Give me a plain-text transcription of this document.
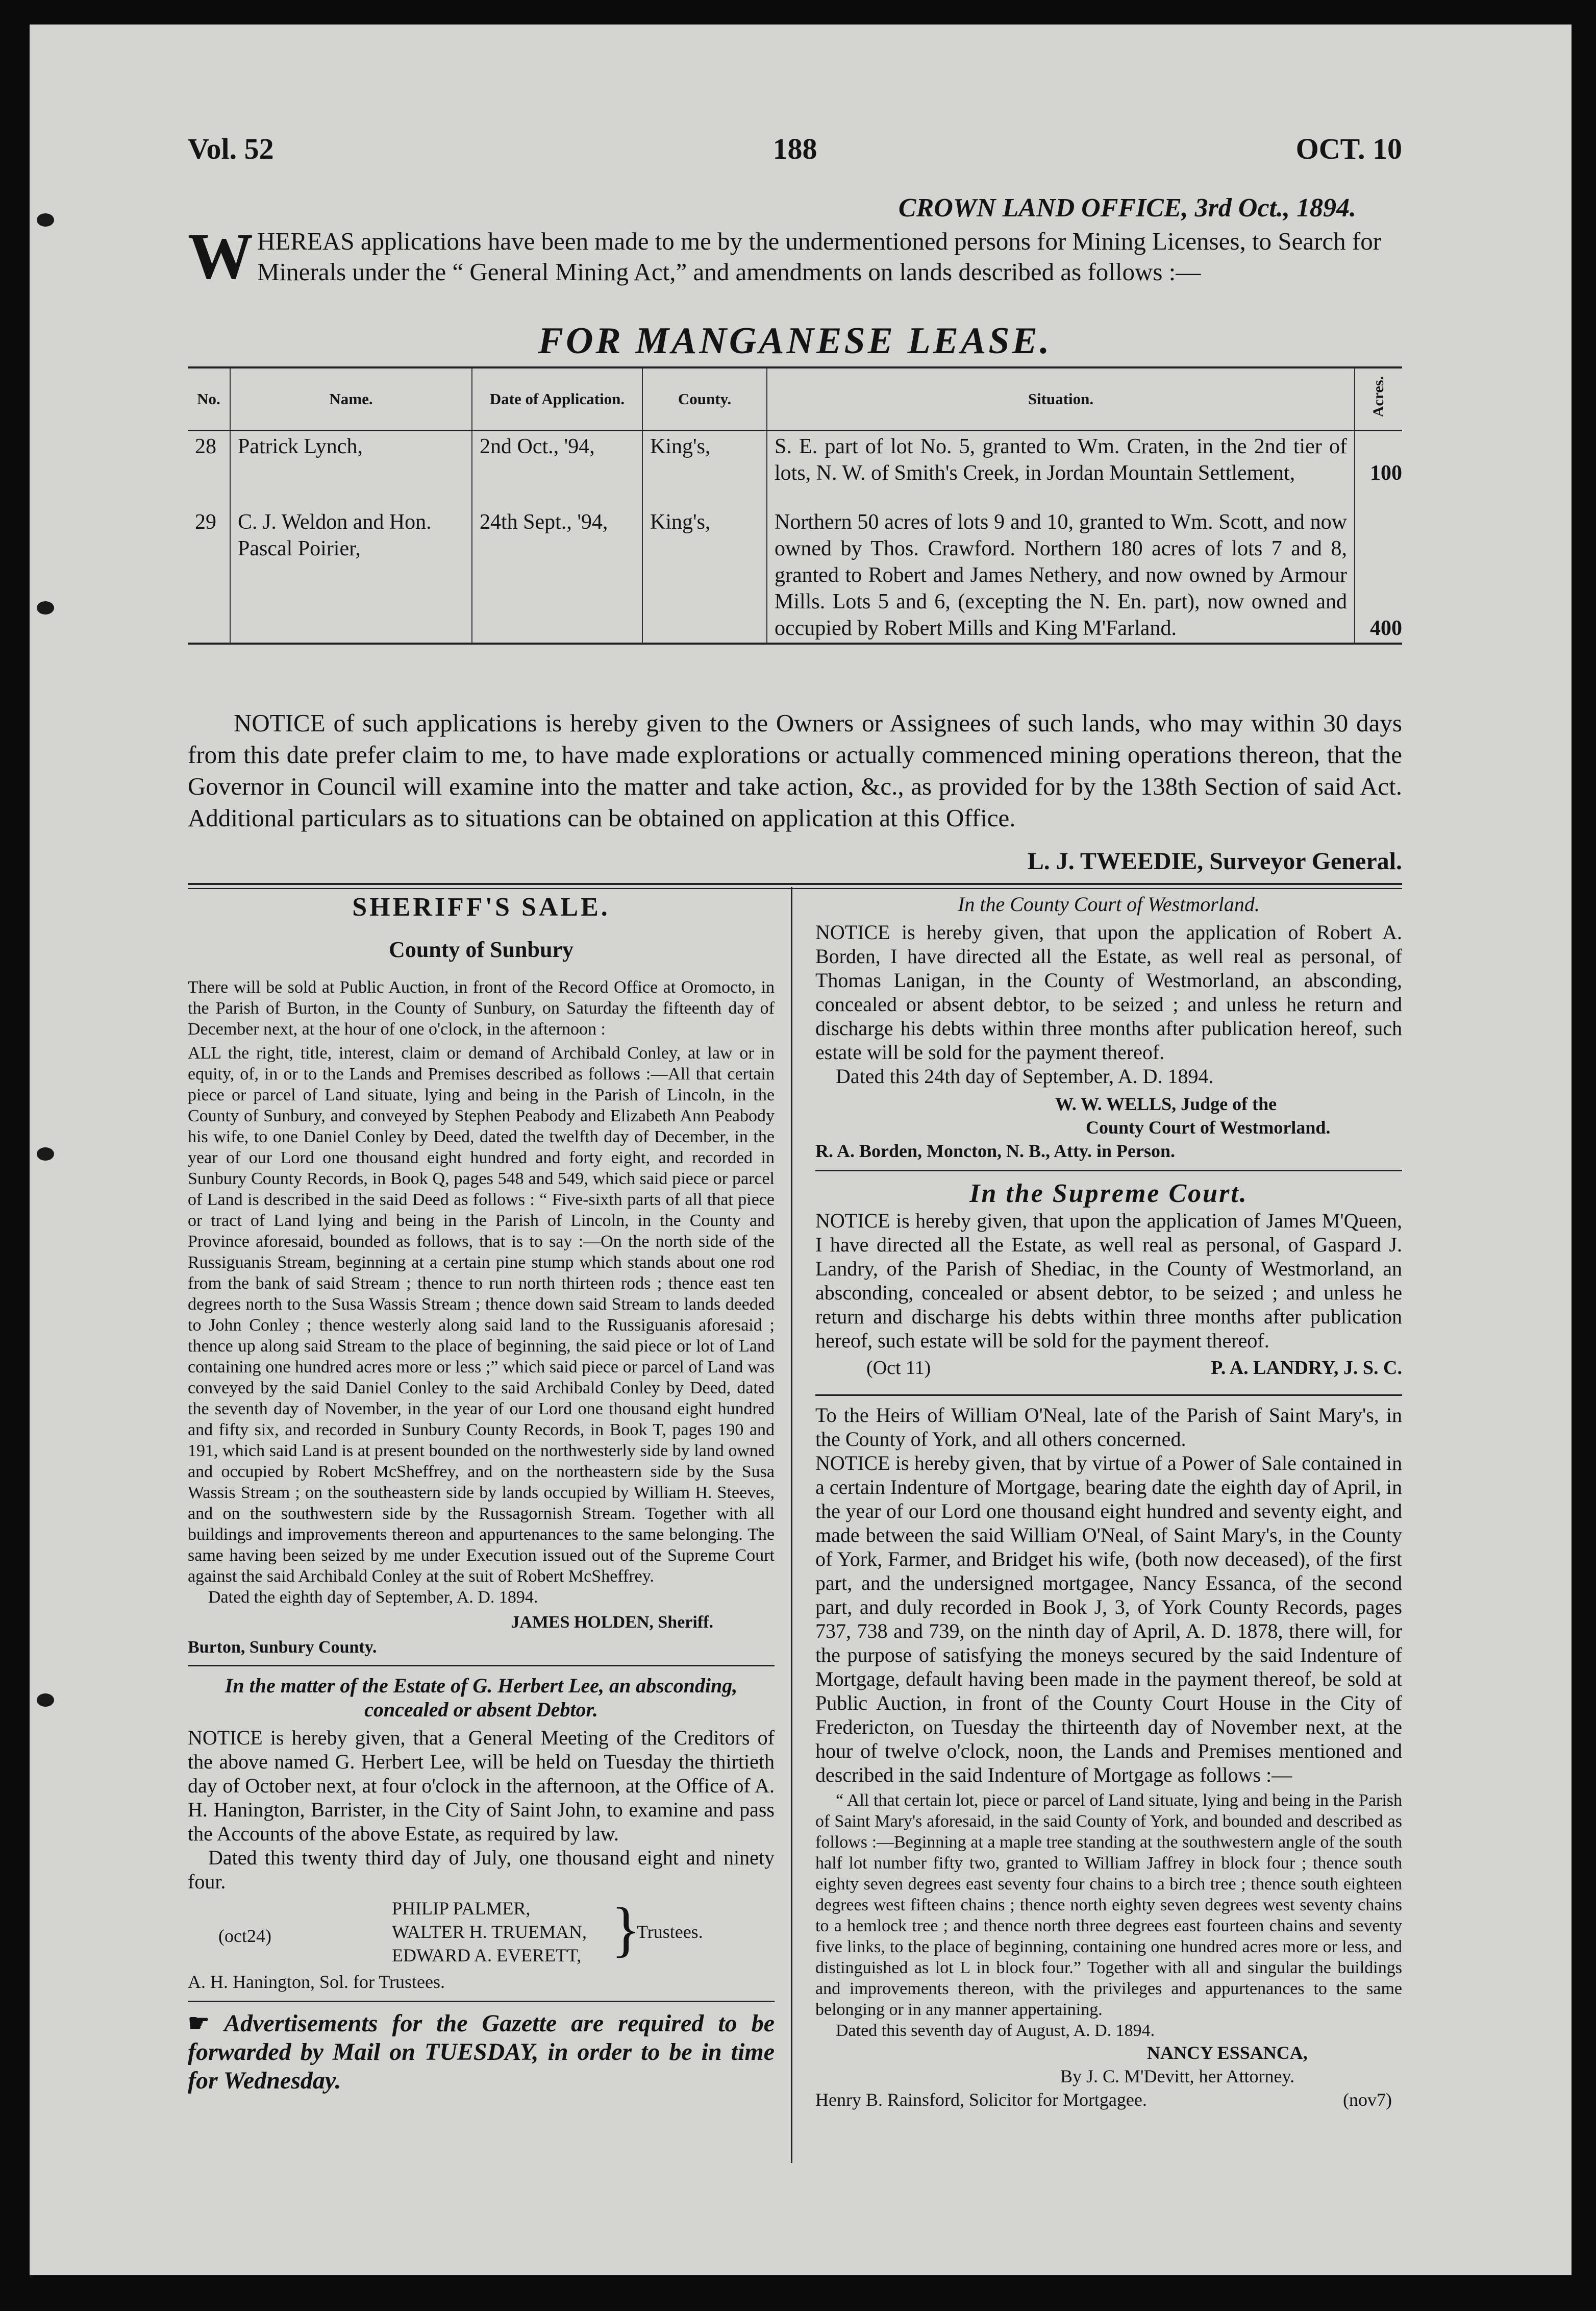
Vol. 52	188	OCT. 10
CROWN LAND OFFICE, 3rd Oct., 1894.
WHEREAS applications have been made to me by the undermentioned persons for Mining Licenses, to Search for Minerals under the “ General Mining Act,” and amendments on lands described as follows :—
FOR MANGANESE LEASE.
No.	Name.	Date of Application.	County.	Situation.	Acres.
28	Patrick Lynch,	2nd Oct., '94,	King's,	S. E. part of lot No. 5, granted to Wm. Craten, in the 2nd tier of lots, N. W. of Smith's Creek, in Jordan Mountain Settlement,	100
29	C. J. Weldon and Hon. Pascal Poirier,	24th Sept., '94,	King's,	Northern 50 acres of lots 9 and 10, granted to Wm. Scott, and now owned by Thos. Crawford. Northern 180 acres of lots 7 and 8, granted to Robert and James Nethery, and now owned by Armour Mills. Lots 5 and 6, (excepting the N. En. part), now owned and occupied by Robert Mills and King M'Farland.	400
NOTICE of such applications is hereby given to the Owners or Assignees of such lands, who may within 30 days from this date prefer claim to me, to have made explorations or actually commenced mining operations thereon, that the Governor in Council will examine into the matter and take action, &c., as provided for by the 138th Section of said Act. Additional particulars as to situations can be obtained on application at this Office.
L. J. TWEEDIE, Surveyor General.
SHERIFF'S SALE.
County of Sunbury

There will be sold at Public Auction, in front of the Record Office at Oromocto, in the Parish of Burton, in the County of Sunbury, on Saturday the fifteenth day of December next, at the hour of one o'clock, in the afternoon :

ALL the right, title, interest, claim or demand of Archibald Conley, at law or in equity, of, in or to the Lands and Premises described as follows :—All that certain piece or parcel of Land situate, lying and being in the Parish of Lincoln, in the County of Sunbury, and conveyed by Stephen Peabody and Elizabeth Ann Peabody his wife, to one Daniel Conley by Deed, dated the twelfth day of December, in the year of our Lord one thousand eight hundred and forty eight, and recorded in Sunbury County Records, in Book Q, pages 548 and 549, which said piece or parcel of Land is described in the said Deed as follows : “ Five-sixth parts of all that piece or tract of Land lying and being in the Parish of Lincoln, in the County and Province aforesaid, bounded as follows, that is to say :—On the north side of the Russiguanis Stream, beginning at a certain pine stump which stands about one rod from the bank of said Stream ; thence to run north thirteen rods ; thence east ten degrees north to the Susa Wassis Stream ; thence down said Stream to lands deeded to John Conley ; thence westerly along said land to the Russiguanis aforesaid ; thence up along said Stream to the place of beginning, the said piece or lot of Land containing one hundred acres more or less ;” which said piece or parcel of Land was conveyed by the said Daniel Conley to the said Archibald Conley by Deed, dated the seventh day of November, in the year of our Lord one thousand eight hundred and fifty six, and recorded in Sunbury County Records, in Book T, pages 190 and 191, which said Land is at present bounded on the northwesterly side by land owned and occupied by Robert McSheffrey, and on the northeastern side by the Susa Wassis Stream ; on the southeastern side by lands occupied by William H. Steeves, and on the southwestern side by the Russagornish Stream. Together with all buildings and improvements thereon and appurtenances to the same belonging. The same having been seized by me under Execution issued out of the Supreme Court against the said Archibald Conley at the suit of Robert McSheffrey.

Dated the eighth day of September, A. D. 1894.

JAMES HOLDEN, Sheriff.

Burton, Sunbury County.

In the matter of the Estate of G. Herbert Lee, an absconding, concealed or absent Debtor.

NOTICE is hereby given, that a General Meeting of the Creditors of the above named G. Herbert Lee, will be held on Tuesday the thirtieth day of October next, at four o'clock in the afternoon, at the Office of A. H. Hanington, Barrister, in the City of Saint John, to examine and pass the Accounts of the above Estate, as required by law.

Dated this twenty third day of July, one thousand eight and ninety four.

(oct24)
PHILIP PALMER,
WALTER H. TRUEMAN,
EDWARD A. EVERETT, }
Trustees.

A. H. Hanington, Sol. for Trustees.

☛ Advertisements for the Gazette are required to be forwarded by Mail on TUESDAY, in order to be in time for Wednesday.

In the County Court of Westmorland.

NOTICE is hereby given, that upon the application of Robert A. Borden, I have directed all the Estate, as well real as personal, of Thomas Lanigan, in the County of Westmorland, an absconding, concealed or absent debtor, to be seized ; and unless he return and discharge his debts within three months after publication hereof, such estate will be sold for the payment thereof.

Dated this 24th day of September, A. D. 1894.

W. W. WELLS, Judge of the

County Court of Westmorland.

R. A. Borden, Moncton, N. B., Atty. in Person.

In the Supreme Court.

NOTICE is hereby given, that upon the application of James M'Queen, I have directed all the Estate, as well real as personal, of Gaspard J. Landry, of the Parish of Shediac, in the County of Westmorland, an absconding, concealed or absent debtor, to be seized ; and unless he return and discharge his debts within three months after publication hereof, such estate will be sold for the payment thereof.

(Oct 11)	P. A. LANDRY, J. S. C.

To the Heirs of William O'Neal, late of the Parish of Saint Mary's, in the County of York, and all others concerned.

NOTICE is hereby given, that by virtue of a Power of Sale contained in a certain Indenture of Mortgage, bearing date the eighth day of April, in the year of our Lord one thousand eight hundred and seventy eight, and made between the said William O'Neal, of Saint Mary's, in the County of York, Farmer, and Bridget his wife, (both now deceased), of the first part, and the undersigned mortgagee, Nancy Essanca, of the second part, and duly recorded in Book J, 3, of York County Records, pages 737, 738 and 739, on the ninth day of April, A. D. 1878, there will, for the purpose of satisfying the moneys secured by the said Indenture of Mortgage, default having been made in the payment thereof, be sold at Public Auction, in front of the County Court House in the City of Fredericton, on Tuesday the thirteenth day of November next, at the hour of twelve o'clock, noon, the Lands and Premises mentioned and described in the said Indenture of Mortgage as follows :—

“ All that certain lot, piece or parcel of Land situate, lying and being in the Parish of Saint Mary's aforesaid, in the said County of York, and bounded and described as follows :—Beginning at a maple tree standing at the southwestern angle of the south half lot number fifty two, granted to William Jaffrey in block four ; thence south eighty seven degrees east seventy four chains to a birch tree ; thence south eighteen degrees west fifteen chains ; thence north eighty seven degrees west seventy chains to a hemlock tree ; and thence north three degrees east fourteen chains and seventy five links, to the place of beginning, containing one hundred acres more or less, and distinguished as lot L in block four.” Together with all and singular the buildings and improvements thereon, with the privileges and appurtenances to the same belonging or in any manner appertaining.

Dated this seventh day of August, A. D. 1894.

NANCY ESSANCA,

By J. C. M'Devitt, her Attorney.

Henry B. Rainsford, Solicitor for Mortgagee.	(nov7)
